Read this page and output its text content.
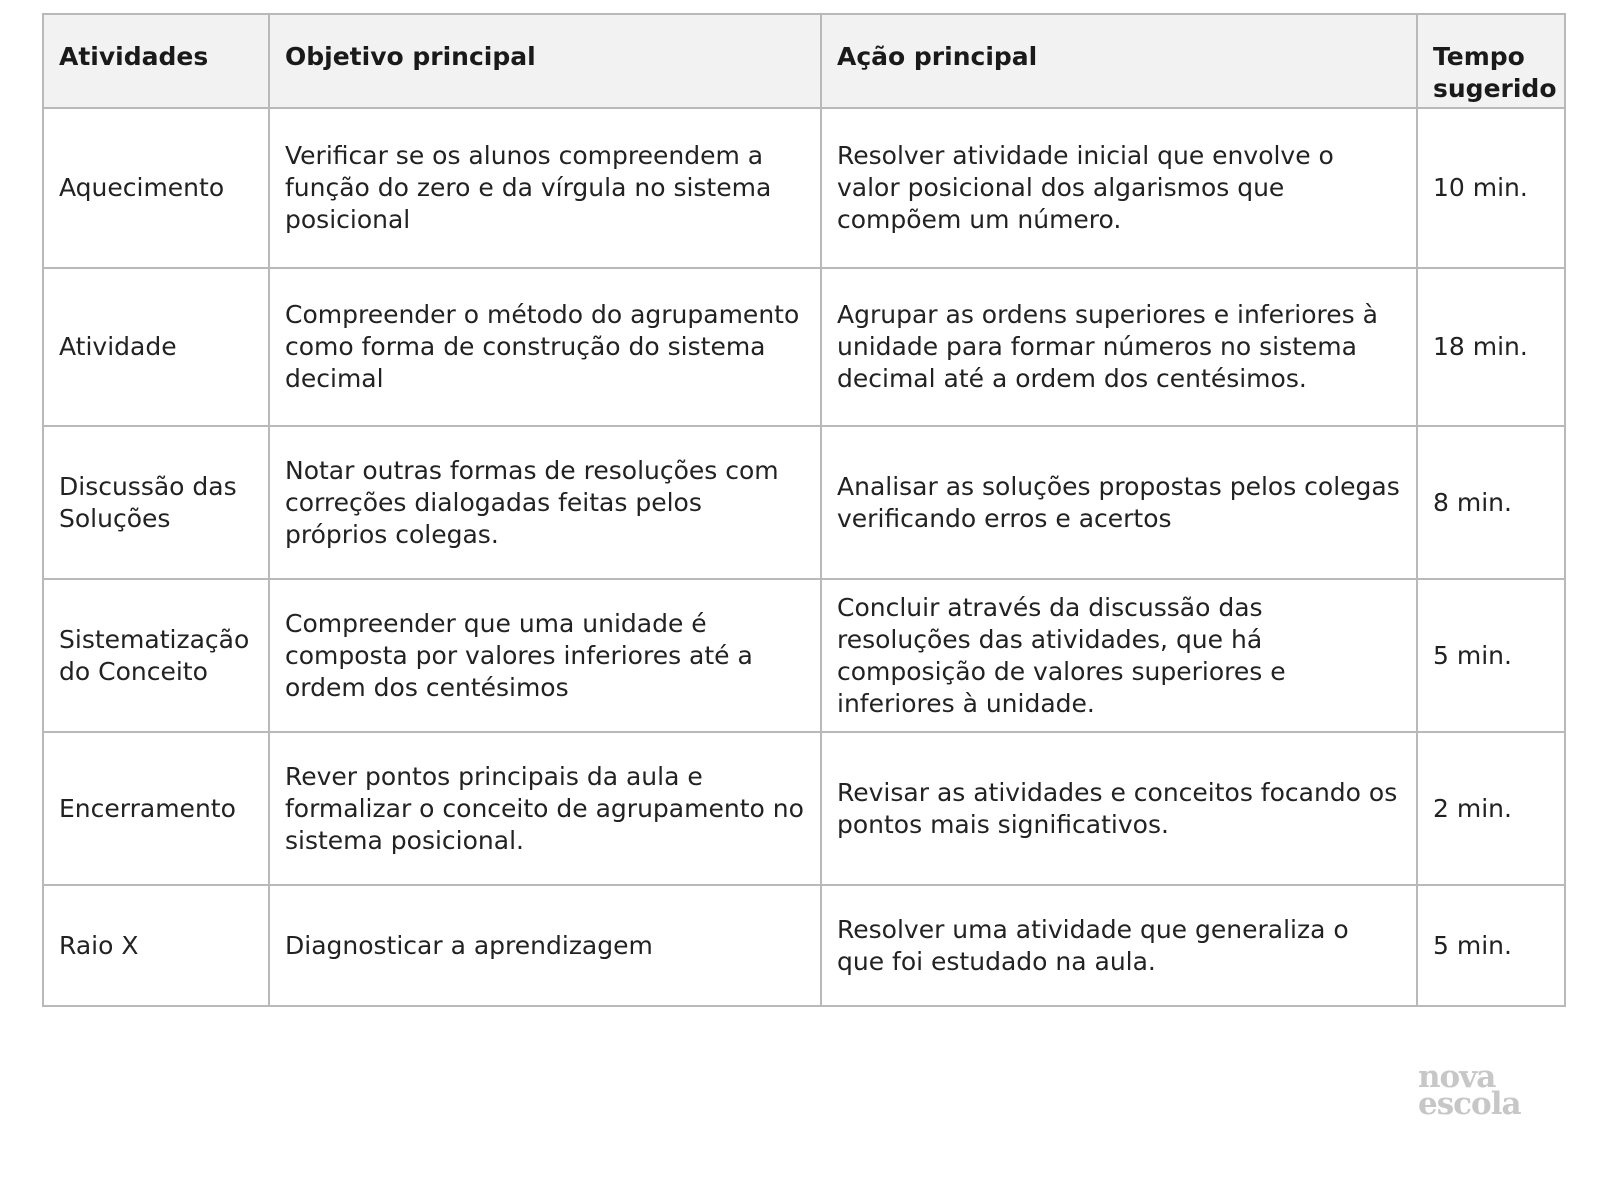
Atividades	Objetivo principal	Ação principal	Tempo sugerido
Aquecimento	Verificar se os alunos compreendem a função do zero e da vírgula no sistema posicional	Resolver atividade inicial que envolve o valor posicional dos algarismos que compõem um número.	10 min.
Atividade	Compreender o método do agrupamento como forma de construção do sistema decimal	Agrupar as ordens superiores e inferiores à unidade para formar números no sistema decimal até a ordem dos centésimos.	18 min.
Discussão das Soluções	Notar outras formas de resoluções com correções dialogadas feitas pelos próprios colegas.	Analisar as soluções propostas pelos colegas verificando erros e acertos	8 min.
Sistematização do Conceito	Compreender que uma unidade é composta por valores inferiores até a ordem dos centésimos	Concluir através da discussão das resoluções das atividades, que há composição de valores superiores e inferiores à unidade.	5 min.
Encerramento	Rever pontos principais da aula e formalizar o conceito de agrupamento no sistema posicional.	Revisar as atividades e conceitos focando os pontos mais significativos.	2 min.
Raio X	Diagnosticar a aprendizagem	Resolver uma atividade que generaliza o que foi estudado na aula.	5 min.
nova
escola
